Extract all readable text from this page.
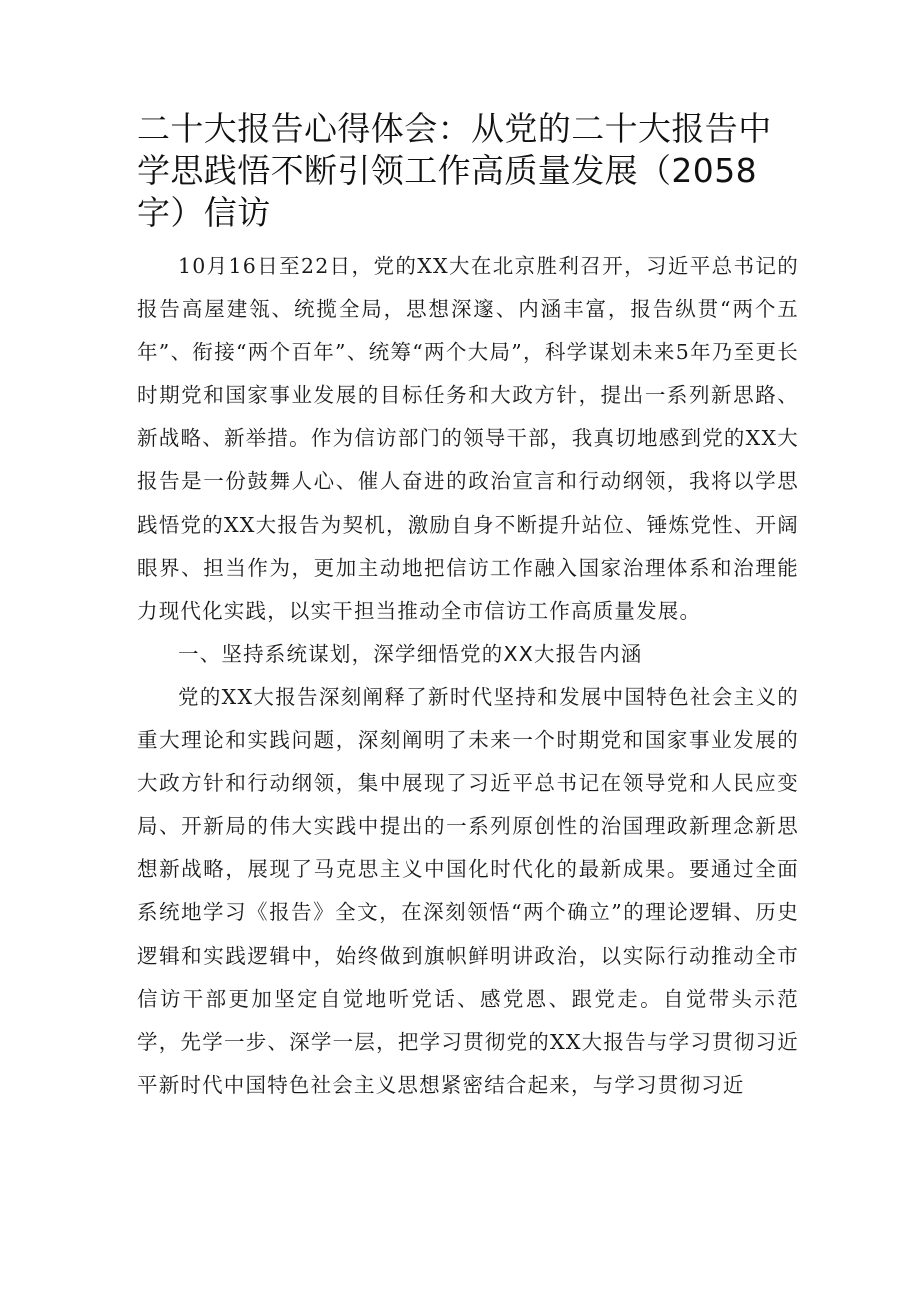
二十大报告心得体会：从党的二十大报告中学思践悟不断引领工作高质量发展（2058字）信访

10月16日至22日，党的XX大在北京胜利召开，习近平总书记的报告高屋建瓴、统揽全局，思想深邃、内涵丰富，报告纵贯“两个五年”、衔接“两个百年”、统筹“两个大局”，科学谋划未来5年乃至更长时期党和国家事业发展的目标任务和大政方针，提出一系列新思路、新战略、新举措。作为信访部门的领导干部，我真切地感到党的XX大报告是一份鼓舞人心、催人奋进的政治宣言和行动纲领，我将以学思践悟党的XX大报告为契机，激励自身不断提升站位、锤炼党性、开阔眼界、担当作为，更加主动地把信访工作融入国家治理体系和治理能力现代化实践，以实干担当推动全市信访工作高质量发展。

一、坚持系统谋划，深学细悟党的XX大报告内涵

党的XX大报告深刻阐释了新时代坚持和发展中国特色社会主义的重大理论和实践问题，深刻阐明了未来一个时期党和国家事业发展的大政方针和行动纲领，集中展现了习近平总书记在领导党和人民应变局、开新局的伟大实践中提出的一系列原创性的治国理政新理念新思想新战略，展现了马克思主义中国化时代化的最新成果。要通过全面系统地学习《报告》全文，在深刻领悟“两个确立”的理论逻辑、历史逻辑和实践逻辑中，始终做到旗帜鲜明讲政治，以实际行动推动全市信访干部更加坚定自觉地听党话、感党恩、跟党走。自觉带头示范学，先学一步、深学一层，把学习贯彻党的XX大报告与学习贯彻习近平新时代中国特色社会主义思想紧密结合起来，与学习贯彻习近
